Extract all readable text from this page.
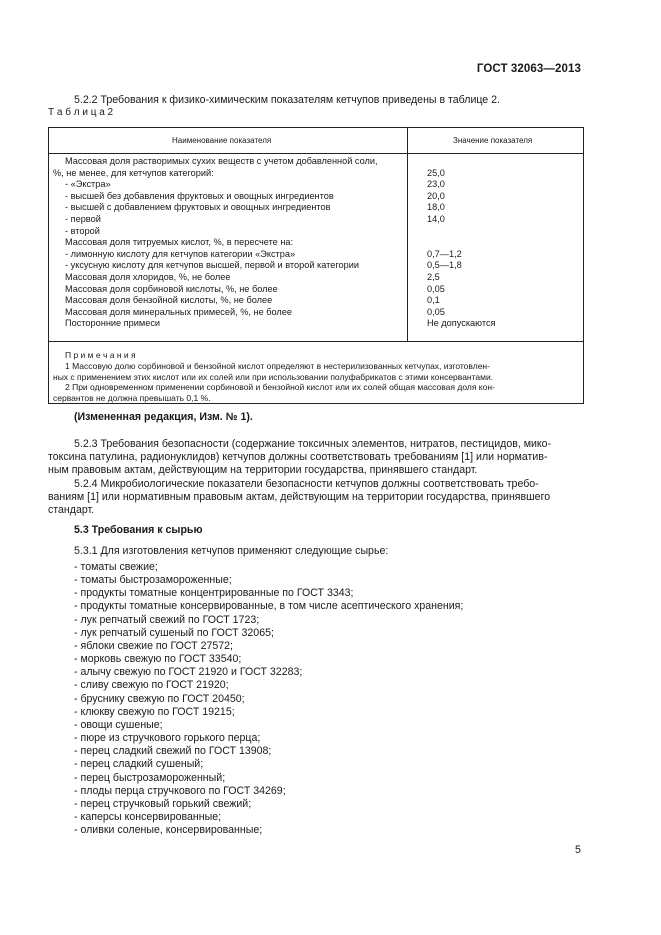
ГОСТ 32063—2013
5.2.2 Требования к физико-химическим показателям кетчупов приведены в таблице 2.
Т а б л и ц а 2
Наименование показателя	Значение показателя
Массовая доля растворимых сухих веществ с учетом добавленной соли,
%, не менее, для кетчупов категорий:	25,0
- «Экстра»	23,0
- высшей без добавления фруктовых и овощных ингредиентов	20,0
- высшей с добавлением фруктовых и овощных ингредиентов	18,0
- первой	14,0
- второй
Массовая доля титруемых кислот, %, в пересчете на:
- лимонную кислоту для кетчупов категории «Экстра»	0,7—1,2
- уксусную кислоту для кетчупов высшей, первой и второй категории	0,5—1,8
Массовая доля хлоридов, %, не более	2,5
Массовая доля сорбиновой кислоты, %, не более	0,05
Массовая доля бензойной кислоты, %, не более	0,1
Массовая доля минеральных примесей, %, не более	0,05
Посторонние примеси	Не допускаются
П р и м е ч а н и я
1 Массовую долю сорбиновой и бензойной кислот определяют в нестерилизованных кетчупах, изготовлен-
ных с применением этих кислот или их солей или при использовании полуфабрикатов с этими консервантами.
2 При одновременном применении сорбиновой и бензойной кислот или их солей общая массовая доля кон-
сервантов не должна превышать 0,1 %.
(Измененная редакция, Изм. № 1).
5.2.3 Требования безопасности (содержание токсичных элементов, нитратов, пестицидов, мико-
токсина патулина, радионуклидов) кетчупов должны соответствовать требованиям [1] или норматив-
ным правовым актам, действующим на территории государства, принявшего стандарт.
5.2.4 Микробиологические показатели безопасности кетчупов должны соответствовать требо-
ваниям [1] или нормативным правовым актам, действующим на территории государства, принявшего
стандарт.
5.3 Требования к сырью
5.3.1 Для изготовления кетчупов применяют следующие сырье:
- томаты свежие;
- томаты быстрозамороженные;
- продукты томатные концентрированные по ГОСТ 3343;
- продукты томатные консервированные, в том числе асептического хранения;
- лук репчатый свежий по ГОСТ 1723;
- лук репчатый сушеный по ГОСТ 32065;
- яблоки свежие по ГОСТ 27572;
- морковь свежую по ГОСТ 33540;
- алычу свежую по ГОСТ 21920 и ГОСТ 32283;
- сливу свежую по ГОСТ 21920;
- бруснику свежую по ГОСТ 20450;
- клюкву свежую по ГОСТ 19215;
- овощи сушеные;
- пюре из стручкового горького перца;
- перец сладкий свежий по ГОСТ 13908;
- перец сладкий сушеный;
- перец быстрозамороженный;
- плоды перца стручкового по ГОСТ 34269;
- перец стручковый горький свежий;
- каперсы консервированные;
- оливки соленые, консервированные;
5
